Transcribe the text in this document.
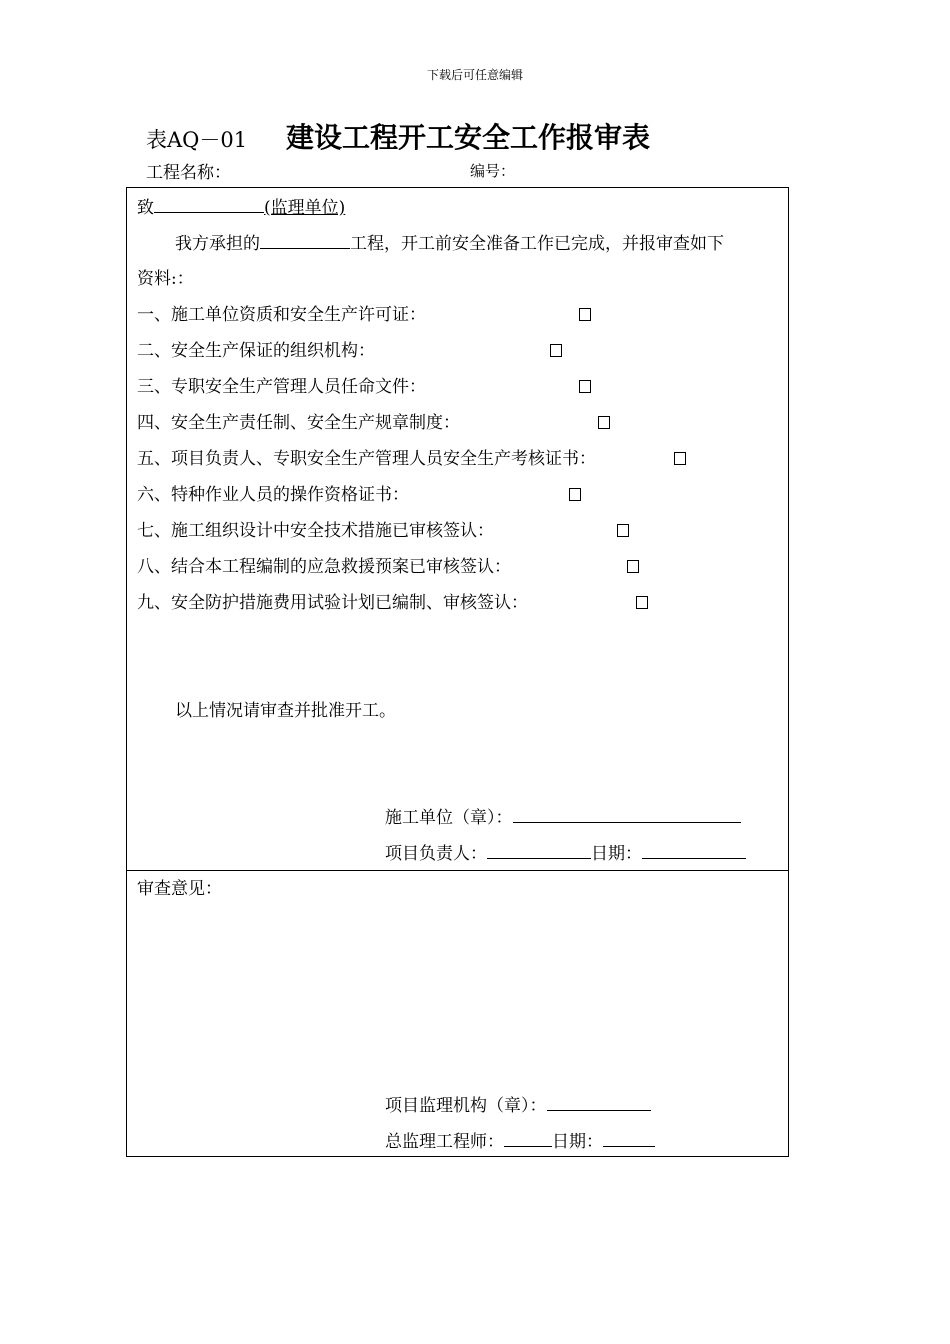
下载后可任意编辑
表AQ－01 建设工程开工安全工作报审表
工程名称：	编号：
致	(监理单位)
我方承担的	工程，开工前安全准备工作已完成，并报审查如下
资料:：
一、施工单位资质和安全生产许可证：
二、安全生产保证的组织机构：
三、专职安全生产管理人员任命文件：
四、安全生产责任制、安全生产规章制度：
五、项目负责人、专职安全生产管理人员安全生产考核证书：
六、特种作业人员的操作资格证书：
七、施工组织设计中安全技术措施已审核签认：
八、结合本工程编制的应急救援预案已审核签认：
九、安全防护措施费用试验计划已编制、审核签认：
以上情况请审查并批准开工。
施工单位（章）：
项目负责人：	日期：
审查意见：
项目监理机构（章）：
总监理工程师：	日期：
